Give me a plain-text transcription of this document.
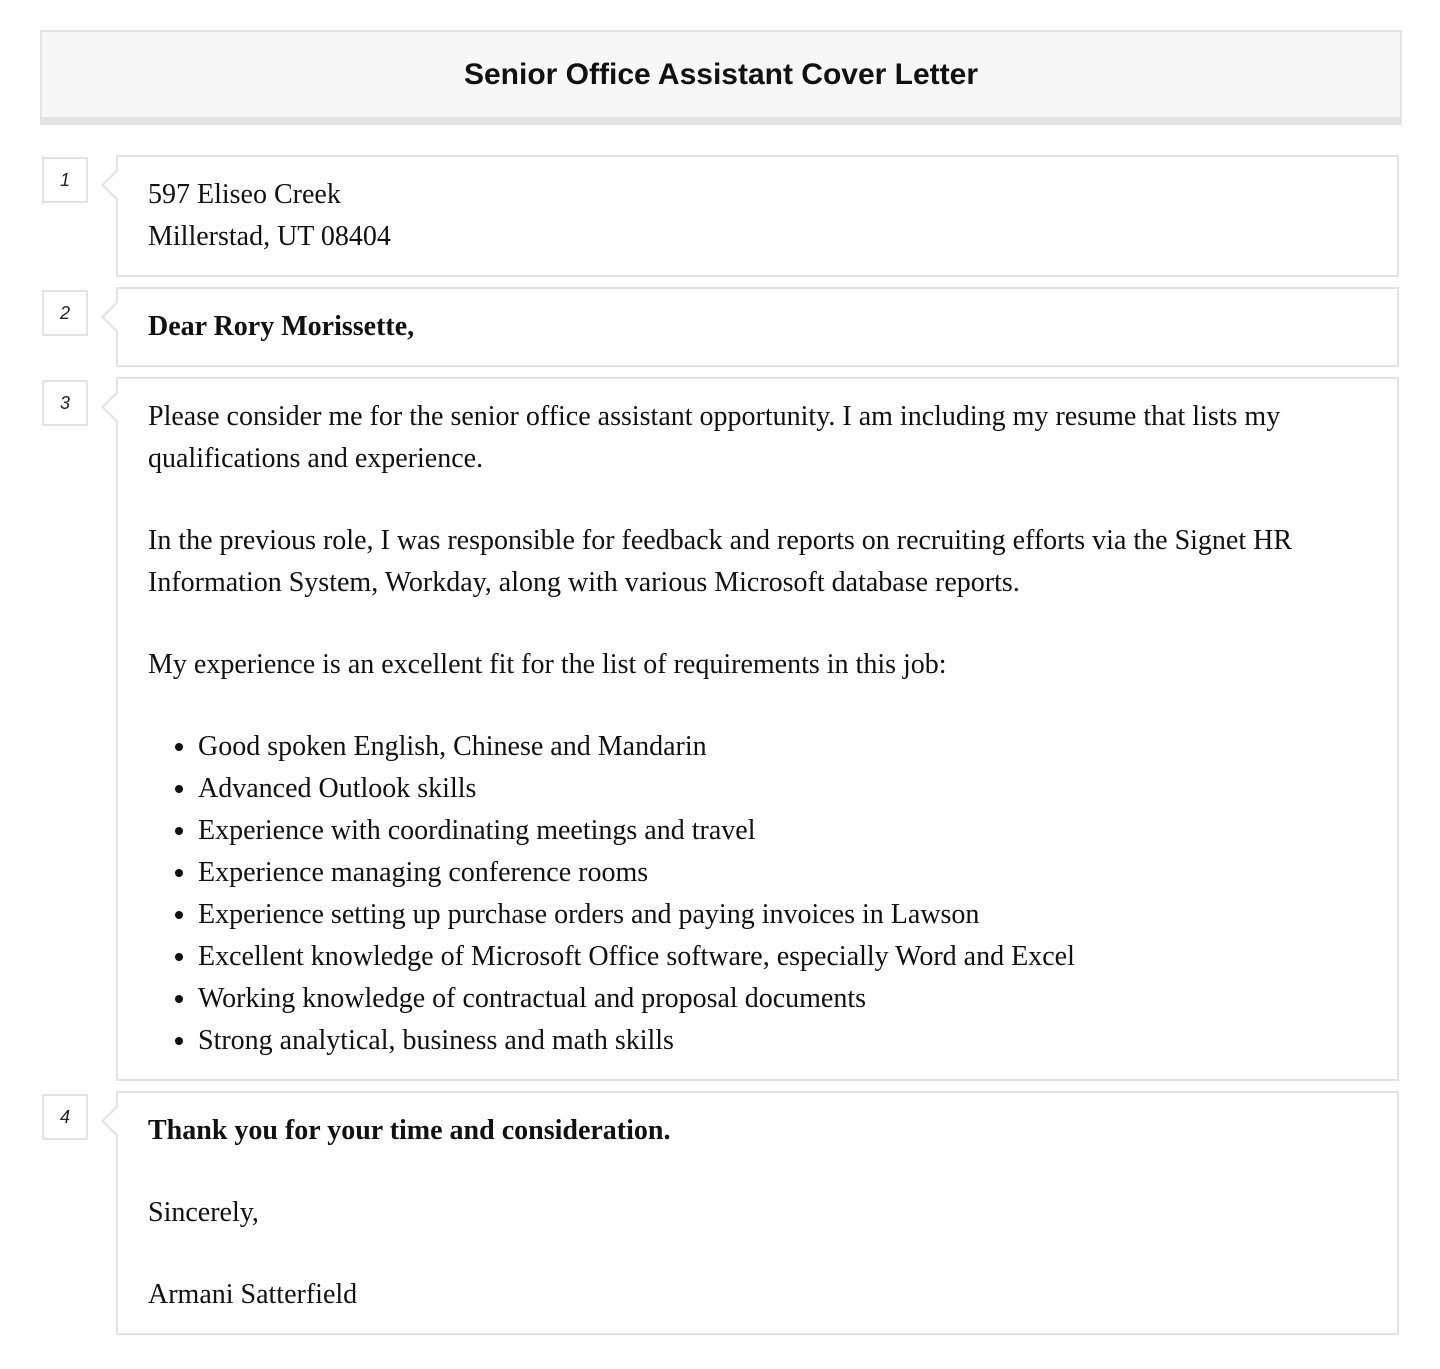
Senior Office Assistant Cover Letter
1	597 Eliseo Creek
Millerstad, UT 08404
2	Dear Rory Morissette,
3	Please consider me for the senior office assistant opportunity. I am including my resume that lists my qualifications and experience.

In the previous role, I was responsible for feedback and reports on recruiting efforts via the Signet HR Information System, Workday, along with various Microsoft database reports.

My experience is an excellent fit for the list of requirements in this job:

• Good spoken English, Chinese and Mandarin
• Advanced Outlook skills
• Experience with coordinating meetings and travel
• Experience managing conference rooms
• Experience setting up purchase orders and paying invoices in Lawson
• Excellent knowledge of Microsoft Office software, especially Word and Excel
• Working knowledge of contractual and proposal documents
• Strong analytical, business and math skills
4	Thank you for your time and consideration.

Sincerely,

Armani Satterfield
